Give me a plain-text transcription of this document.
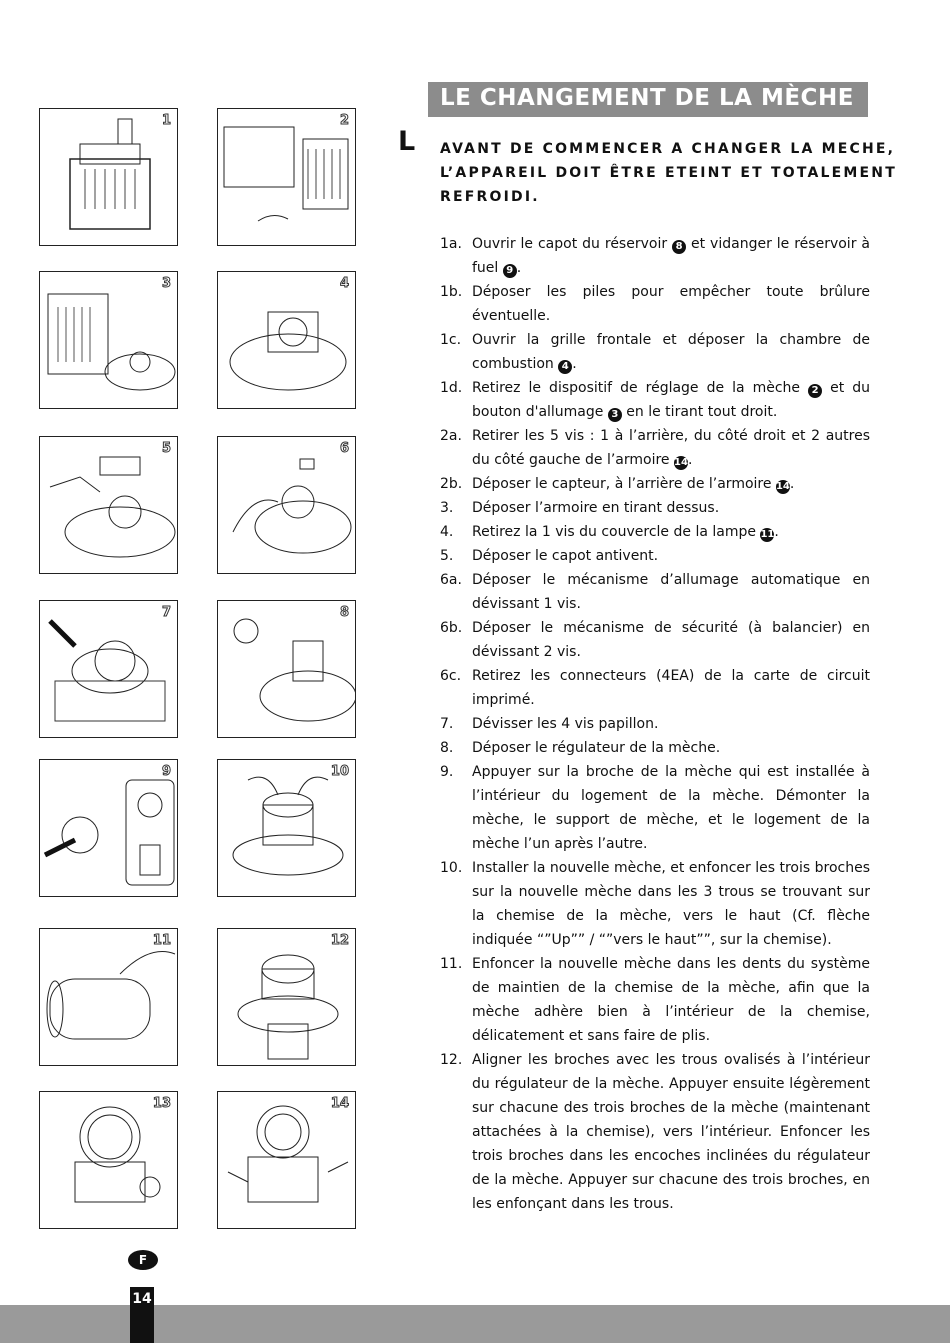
1	2
3	4
5	6
7	8
9	10
11	12
13	14
LE CHANGEMENT DE LA MÈCHE
L AVANT DE COMMENCER A CHANGER LA MECHE,
L’APPAREIL DOIT ÊTRE ETEINT ET TOTALEMENT
REFROIDI.
1a. Ouvrir le capot du réservoir 8 et vidanger le réservoir à fuel 9 .
1b. Déposer les piles pour empêcher toute brûlure éventuelle.
1c. Ouvrir la grille frontale et déposer la chambre de combustion 4 .
1d. Retirez le dispositif de réglage de la mèche 2 et du bouton d'allumage 3 en le tirant tout droit.
2a. Retirer les 5 vis : 1 à l’arrière, du côté droit et 2 autres du côté gauche de l’armoire 14.
2b. Déposer le capteur, à l’arrière de l’armoire 14.
3. Déposer l’armoire en tirant dessus.
4. Retirez la 1 vis du couvercle de la lampe 11.
5. Déposer le capot antivent.
6a. Déposer le mécanisme d’allumage automatique en dévissant 1 vis.
6b. Déposer le mécanisme de sécurité (à balancier) en dévissant 2 vis.
6c. Retirez les connecteurs (4EA) de la carte de circuit imprimé.
7. Dévisser les 4 vis papillon.
8. Déposer le régulateur de la mèche.
9. Appuyer sur la broche de la mèche qui est installée à l’intérieur du logement de la mèche. Démonter la mèche, le support de mèche, et le logement de la mèche l’un après l’autre.
10. Installer la nouvelle mèche, et enfoncer les trois broches sur la nouvelle mèche dans les 3 trous se trouvant sur la chemise de la mèche, vers le haut (Cf. flèche indiquée “”Up”” / “”vers le haut””, sur la chemise).
11. Enfoncer la nouvelle mèche dans les dents du système de maintien de la chemise de la mèche, afin que la mèche adhère bien à l’intérieur de la chemise, délicatement et sans faire de plis.
12. Aligner les broches avec les trous ovalisés à l’intérieur du régulateur de la mèche. Appuyer ensuite légèrement sur chacune des trois broches de la mèche (maintenant attachées à la chemise), vers l’intérieur. Enfoncer les trois broches dans les encoches inclinées du régulateur de la mèche. Appuyer sur chacune des trois broches, en les enfonçant dans les trous.
F
14
